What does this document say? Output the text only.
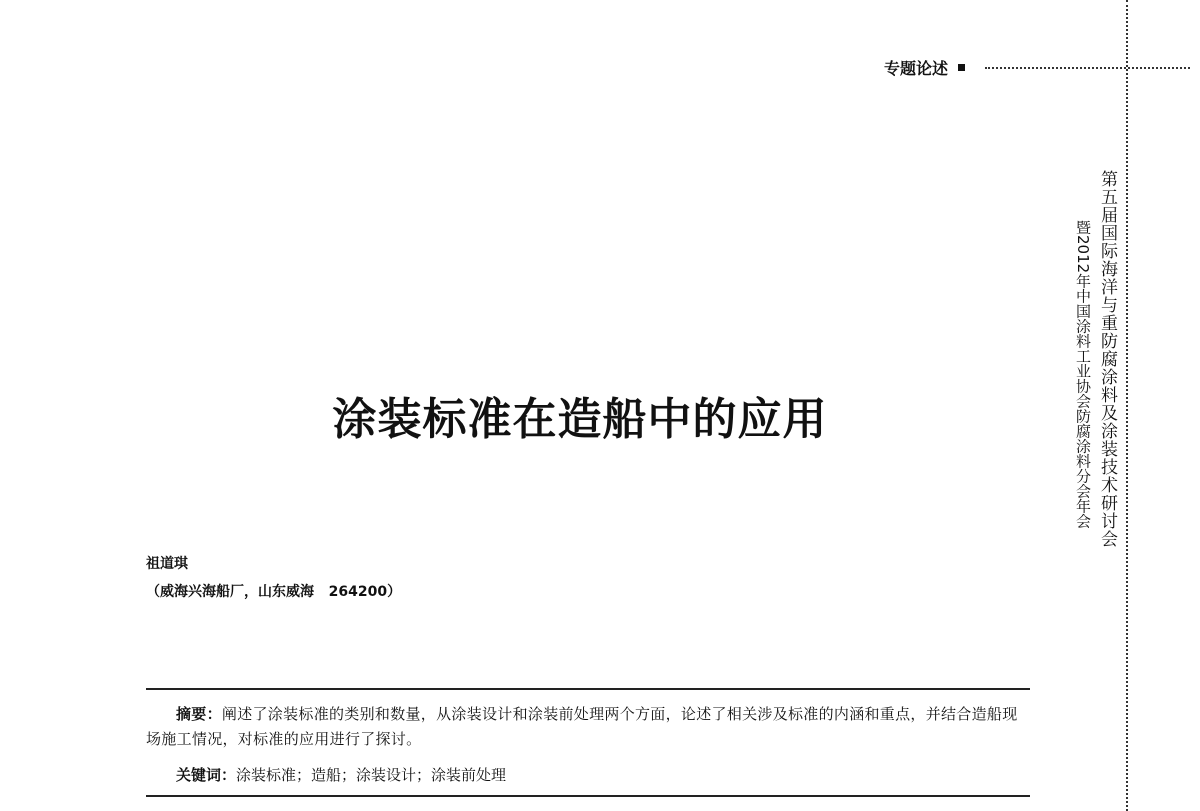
专题论述
第五届国际海洋与重防腐涂料及涂装技术研讨会
暨2012年中国涂料工业协会防腐涂料分会年会
涂装标准在造船中的应用
祖道琪
（威海兴海船厂，山东威海   264200）

摘要：阐述了涂装标准的类别和数量，从涂装设计和涂装前处理两个方面，论述了相关涉及标准的内涵和重点，并结合造船现场施工情况，对标准的应用进行了探讨。

关键词：涂装标准；造船；涂装设计；涂装前处理
